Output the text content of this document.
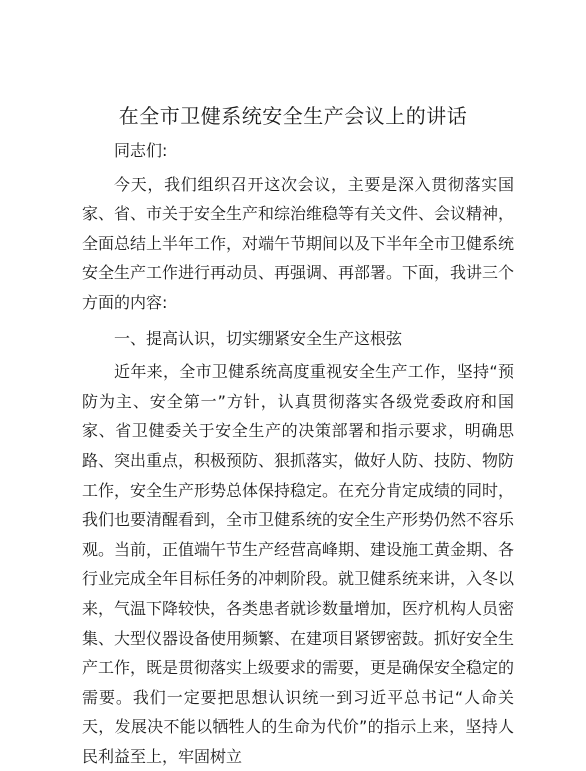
在全市卫健系统安全生产会议上的讲话

同志们:

今天，我们组织召开这次会议，主要是深入贯彻落实国家、省、市关于安全生产和综治维稳等有关文件、会议精神，全面总结上半年工作，对端午节期间以及下半年全市卫健系统安全生产工作进行再动员、再强调、再部署。下面，我讲三个方面的内容:

一、提高认识，切实绷紧安全生产这根弦

近年来，全市卫健系统高度重视安全生产工作，坚持“预防为主、安全第一”方针，认真贯彻落实各级党委政府和国家、省卫健委关于安全生产的决策部署和指示要求，明确思路、突出重点，积极预防、狠抓落实，做好人防、技防、物防工作，安全生产形势总体保持稳定。在充分肯定成绩的同时，我们也要清醒看到，全市卫健系统的安全生产形势仍然不容乐观。当前，正值端午节生产经营高峰期、建设施工黄金期、各行业完成全年目标任务的冲刺阶段。就卫健系统来讲，入冬以来，气温下降较快，各类患者就诊数量增加，医疗机构人员密集、大型仪器设备使用频繁、在建项目紧锣密鼓。抓好安全生产工作，既是贯彻落实上级要求的需要，更是确保安全稳定的需要。我们一定要把思想认识统一到习近平总书记“人命关天，发展决不能以牺牲人的生命为代价”的指示上来，坚持人民利益至上，牢固树立
